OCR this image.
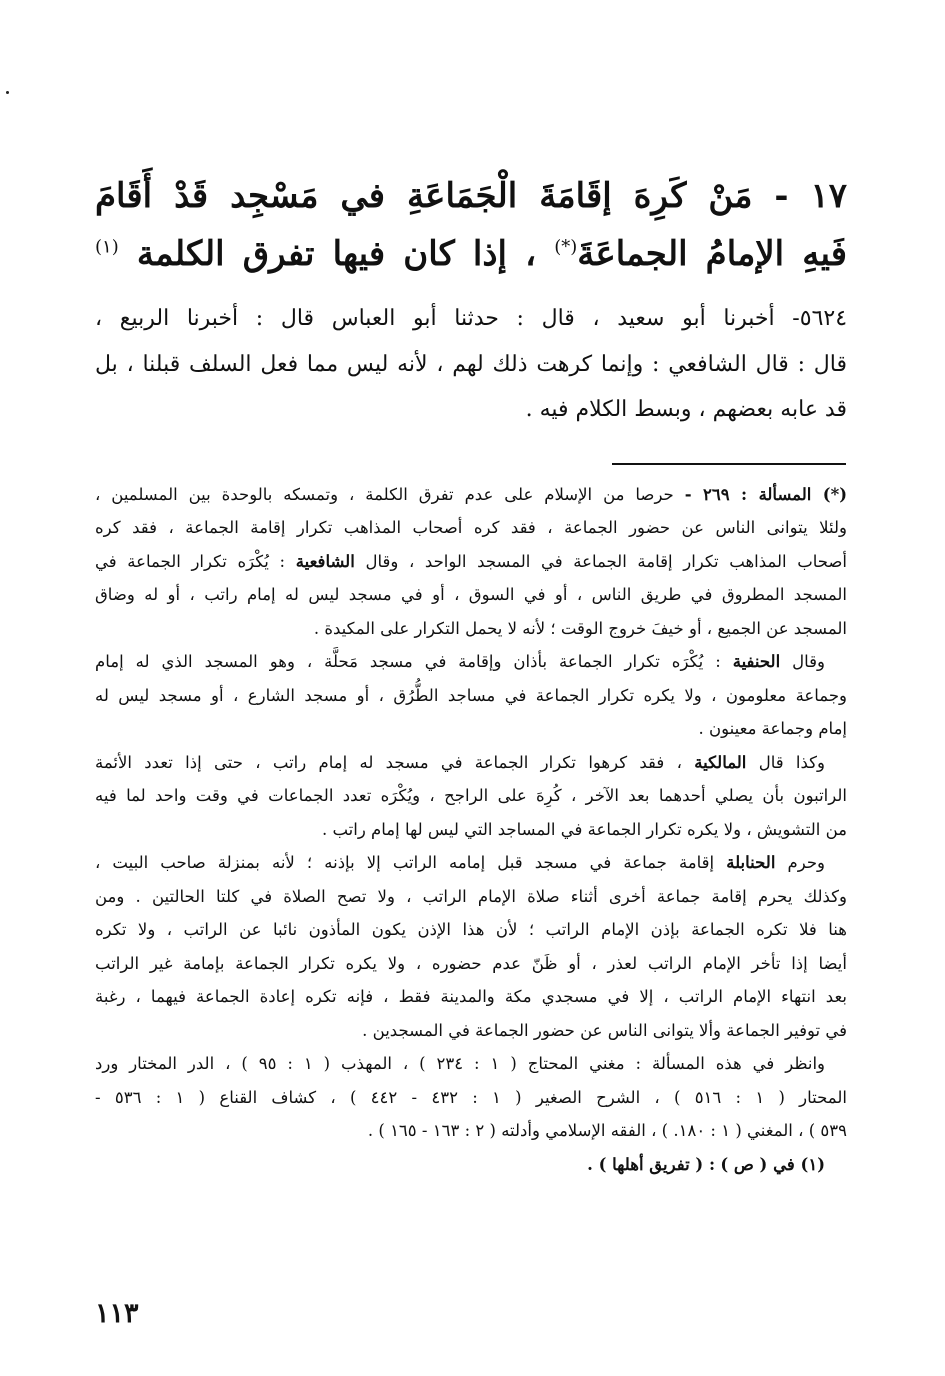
١٧ - مَنْ كَرِهَ إقَامَةَ الْجَمَاعَةِ في مَسْجِد قَدْ أَقَامَ
فَيهِ الإمامُ الجماعَةَ(*) ، إذا كان فيها تفرق الكلمة $^{(١)}$
٥٦٢٤- أخبرنا أبو سعيد ، قال : حدثنا أبو العباس قال : أخبرنا الربيع ،
قال : قال الشافعي : وإنما كرهت ذلك لهم ، لأنه ليس مما فعل السلف قبلنا ، بل
قد عابه بعضهم ، وبسط الكلام فيه .
(*) المسألة : ٢٦٩ - حرصا من الإسلام على عدم تفرق الكلمة ، وتمسكه بالوحدة بين المسلمين ،
ولئلا يتوانى الناس عن حضور الجماعة ، فقد كره أصحاب المذاهب تكرار إقامة الجماعة ، فقد كره
أصحاب المذاهب تكرار إقامة الجماعة في المسجد الواحد ، وقال الشافعية : يُكْرَه تكرار الجماعة في
المسجد المطروق في طريق الناس ، أو في السوق ، أو في مسجد ليس له إمام راتب ، أو له وضاق
المسجد عن الجميع ، أو خيفَ خروج الوقت ؛ لأنه لا يحمل التكرار على المكيدة .
وقال الحنفية : يُكْرَه تكرار الجماعة بأذان وإقامة في مسجد مَحلَّة ، وهو المسجد الذي له إمام
وجماعة معلومون ، ولا يكره تكرار الجماعة في مساجد الطُّرُق ، أو مسجد الشارع ، أو مسجد ليس له
إمام وجماعة معينون .
وكذا قال المالكية ، فقد كرهوا تكرار الجماعة في مسجد له إمام راتب ، حتى إذا تعدد الأئمة
الراتبون بأن يصلي أحدهما بعد الآخر ، كُرِهَ على الراجح ، ويُكْرَه تعدد الجماعات في وقت واحد لما فيه
من التشويش ، ولا يكره تكرار الجماعة في المساجد التي ليس لها إمام راتب .
وحرم الحنابلة إقامة جماعة في مسجد قبل إمامه الراتب إلا بإذنه ؛ لأنه بمنزلة صاحب البيت ،
وكذلك يحرم إقامة جماعة أخرى أثناء صلاة الإمام الراتب ، ولا تصح الصلاة في كلتا الحالتين . ومن
هنا فلا تكره الجماعة بإذن الإمام الراتب ؛ لأن هذا الإذن يكون المأذون نائبا عن الراتب ، ولا تكره
أيضا إذا تأخر الإمام الراتب لعذر ، أو ظَنّ عدم حضوره ، ولا يكره تكرار الجماعة بإمامة غير الراتب
بعد انتهاء الإمام الراتب ، إلا في مسجدي مكة والمدينة فقط ، فإنه تكره إعادة الجماعة فيهما ، رغبة
في توفير الجماعة وألا يتوانى الناس عن حضور الجماعة في المسجدين .
وانظر في هذه المسألة : مغني المحتاج ( ١ : ٢٣٤ ) ، المهذب ( ١ : ٩٥ ) ، الدر المختار ورد
المحتار ( ١ : ٥١٦ ) ، الشرح الصغير ( ١ : ٤٣٢ - ٤٤٢ ) ، كشاف القناع ( ١ : ٥٣٦ -
٥٣٩ ) ، المغني ( ١ : ١٨٠. ) ، الفقه الإسلامي وأدلته ( ٢ : ١٦٣ - ١٦٥ ) .
(١) في ( ص ) : ( تفريق أهلها ) .
١١٣
